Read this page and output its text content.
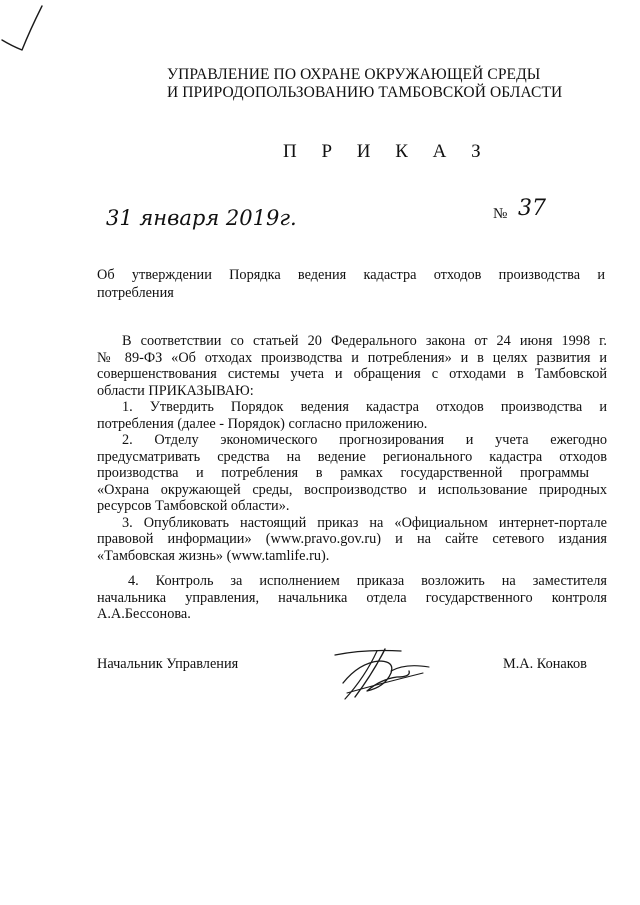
УПРАВЛЕНИЕ ПО ОХРАНЕ ОКРУЖАЮЩЕЙ СРЕДЫ
И ПРИРОДОПОЛЬЗОВАНИЮ ТАМБОВСКОЙ ОБЛАСТИ
П Р И К А З
31 января 2019г.	№ 37
Об утверждении Порядка ведения кадастра отходов производства и
потребления
В соответствии со статьей 20 Федерального закона от 24 июня 1998 г.
№ 89-ФЗ «Об отходах производства и потребления» и в целях развития и
совершенствования системы учета и обращения с отходами в Тамбовской
области ПРИКАЗЫВАЮ:
1. Утвердить Порядок ведения кадастра отходов производства и
потребления (далее - Порядок) согласно приложению.
2. Отделу экономического прогнозирования и учета ежегодно
предусматривать средства на ведение регионального кадастра отходов
производства и потребления в рамках государственной программы
«Охрана окружающей среды, воспроизводство и использование природных
ресурсов Тамбовской области».
3. Опубликовать настоящий приказ на «Официальном интернет-портале
правовой информации» (www.pravo.gov.ru) и на сайте сетевого издания
«Тамбовская жизнь» (www.tamlife.ru).
4. Контроль за исполнением приказа возложить на заместителя
начальника управления, начальника отдела государственного контроля
А.А.Бессонова.
Начальник Управления	М.А. Конаков
